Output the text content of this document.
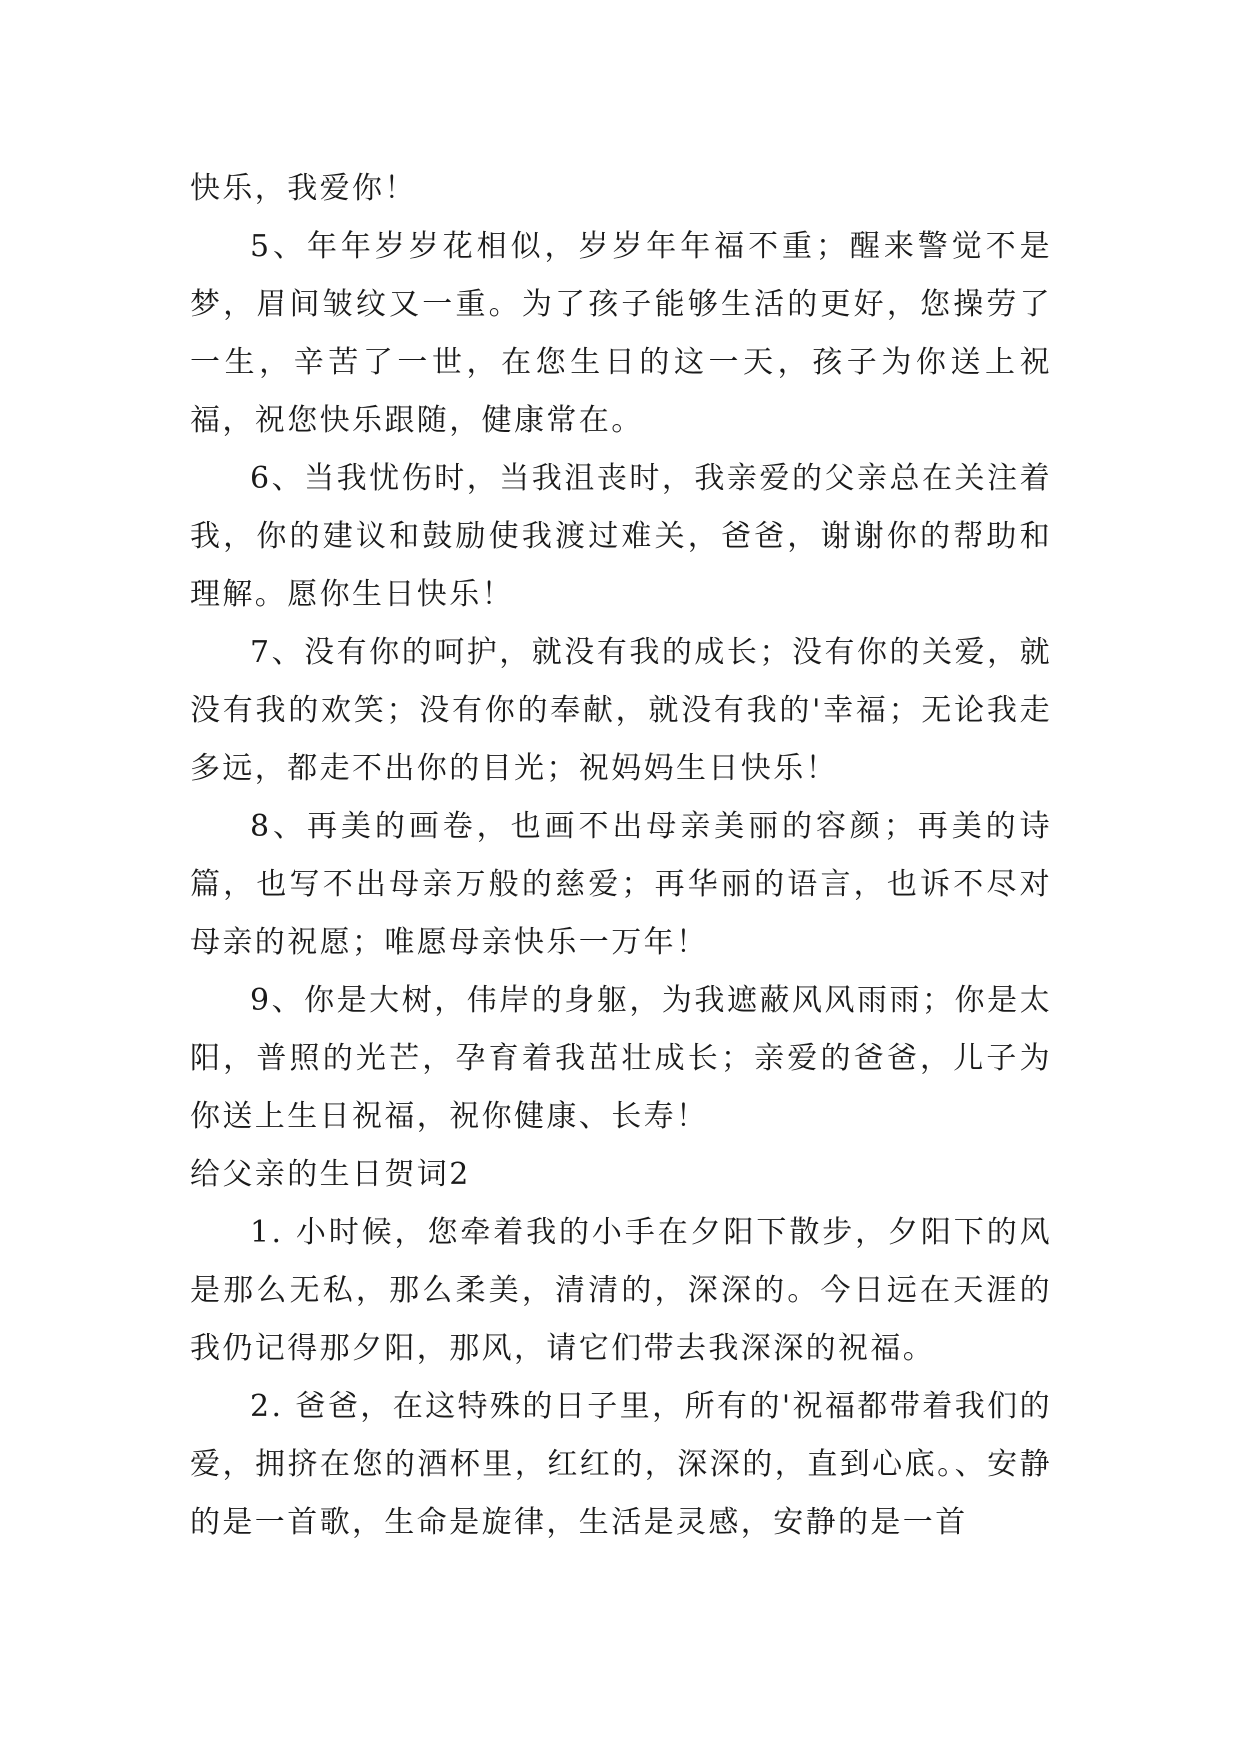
快乐，我爱你！

5、年年岁岁花相似，岁岁年年福不重；醒来警觉不是梦，眉间皱纹又一重。为了孩子能够生活的更好，您操劳了一生，辛苦了一世，在您生日的这一天，孩子为你送上祝福，祝您快乐跟随，健康常在。

6、当我忧伤时，当我沮丧时，我亲爱的父亲总在关注着我，你的建议和鼓励使我渡过难关，爸爸，谢谢你的帮助和理解。愿你生日快乐！

7、没有你的呵护，就没有我的成长；没有你的关爱，就没有我的欢笑；没有你的奉献，就没有我的'幸福；无论我走多远，都走不出你的目光；祝妈妈生日快乐！

8、再美的画卷，也画不出母亲美丽的容颜；再美的诗篇，也写不出母亲万般的慈爱；再华丽的语言，也诉不尽对母亲的祝愿；唯愿母亲快乐一万年！

9、你是大树，伟岸的身躯，为我遮蔽风风雨雨；你是太阳，普照的光芒，孕育着我茁壮成长；亲爱的爸爸，儿子为你送上生日祝福，祝你健康、长寿！

给父亲的生日贺词2

1. 小时候，您牵着我的小手在夕阳下散步，夕阳下的风是那么无私，那么柔美，清清的，深深的。今日远在天涯的我仍记得那夕阳，那风，请它们带去我深深的祝福。

2. 爸爸，在这特殊的日子里，所有的'祝福都带着我们的爱，拥挤在您的酒杯里，红红的，深深的，直到心底。、安静的是一首歌，生命是旋律，生活是灵感，安静的是一首
